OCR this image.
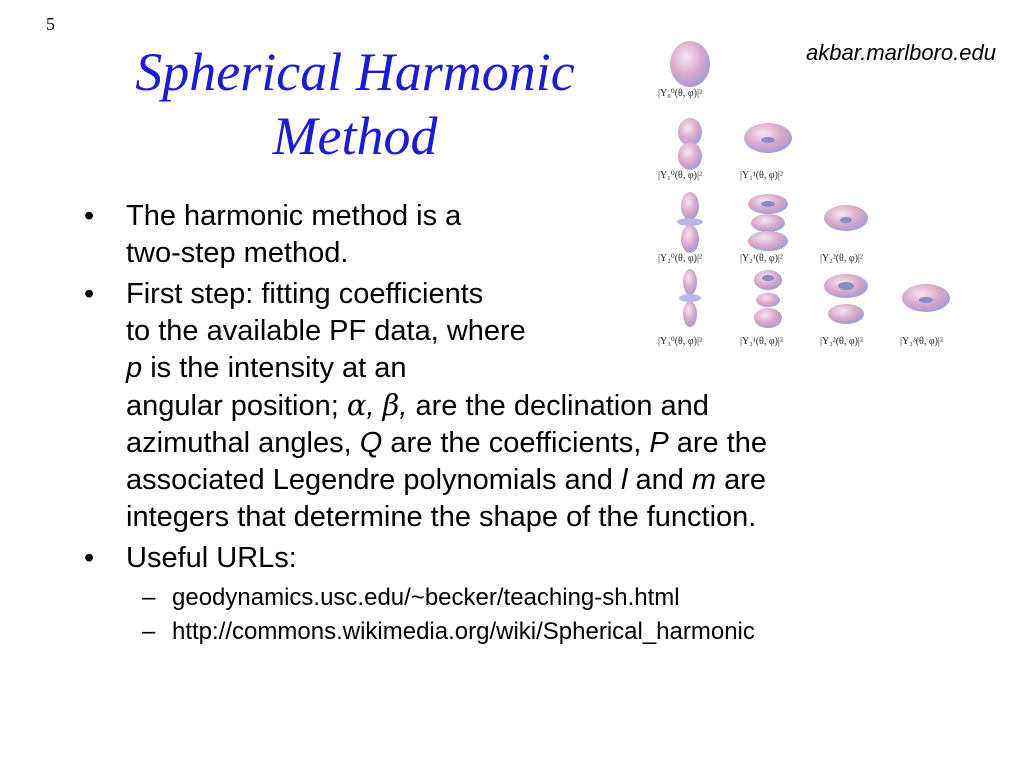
5
akbar.marlboro.edu
Spherical Harmonic
Method
|Y₀⁰(θ, φ)|²
|Y₁⁰(θ, φ)|²	|Y₁¹(θ, φ)|²
|Y₂⁰(θ, φ)|²	|Y₂¹(θ, φ)|²	|Y₂²(θ, φ)|²
|Y₃⁰(θ, φ)|²	|Y₃¹(θ, φ)|²	|Y₃²(θ, φ)|²	|Y₃³(θ, φ)|²
• The harmonic method is a
two-step method.
• First step: fitting coefficients
to the available PF data, where
p is the intensity at an
angular position; α, β, are the declination and
azimuthal angles, Q are the coefficients, P are the
associated Legendre polynomials and l and m are
integers that determine the shape of the function.
• Useful URLs:
– geodynamics.usc.edu/~becker/teaching-sh.html
– http://commons.wikimedia.org/wiki/Spherical_harmonic
